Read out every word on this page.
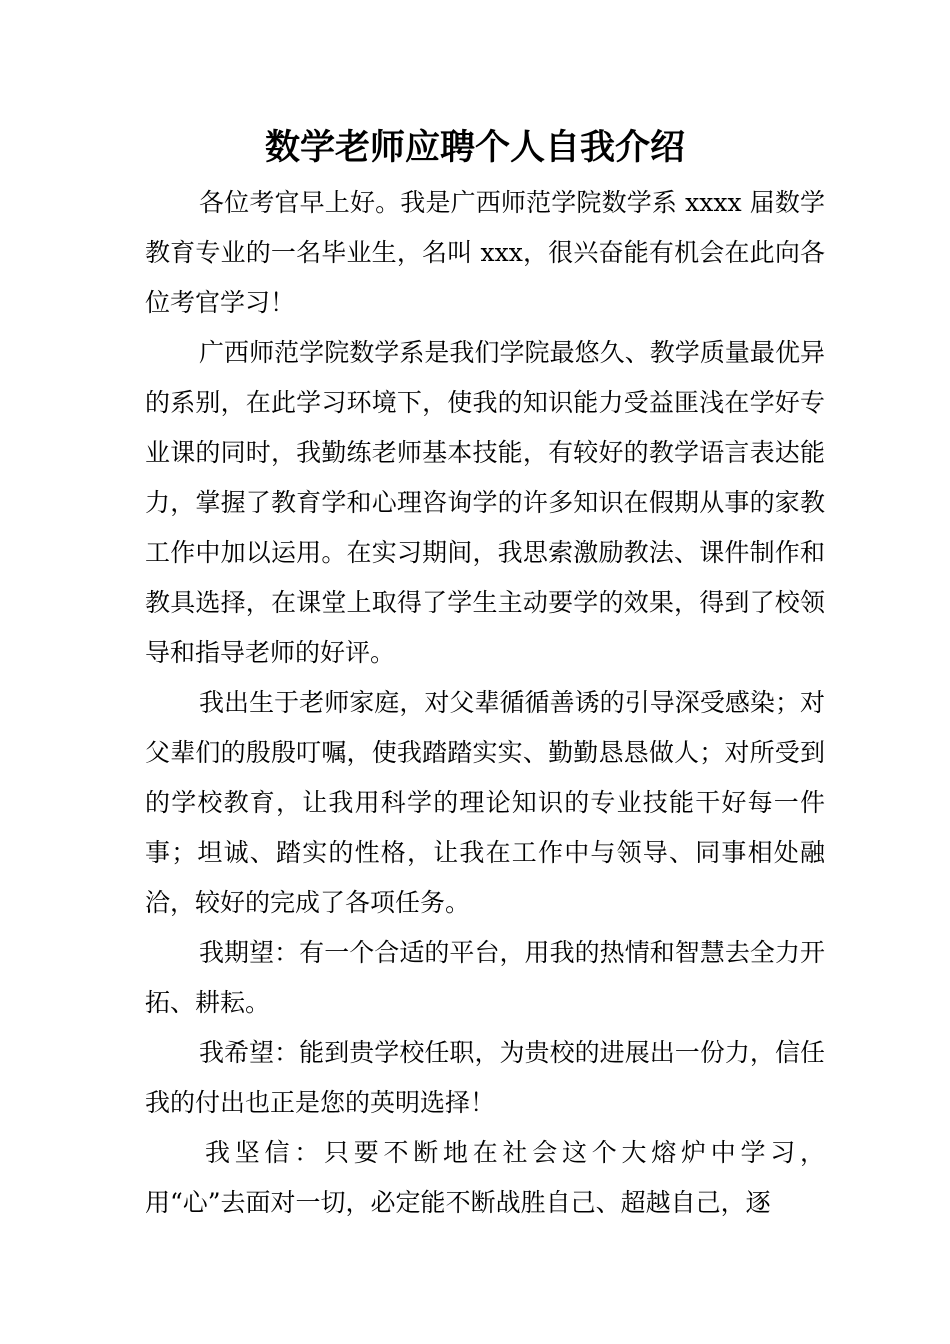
数学老师应聘个人自我介绍

各位考官早上好。我是广西师范学院数学系 xxxx 届数学教育专业的一名毕业生，名叫 xxx，很兴奋能有机会在此向各位考官学习！

广西师范学院数学系是我们学院最悠久、教学质量最优异的系别，在此学习环境下，使我的知识能力受益匪浅在学好专业课的同时，我勤练老师基本技能，有较好的教学语言表达能力，掌握了教育学和心理咨询学的许多知识在假期从事的家教工作中加以运用。在实习期间，我思索激励教法、课件制作和教具选择，在课堂上取得了学生主动要学的效果，得到了校领导和指导老师的好评。

我出生于老师家庭，对父辈循循善诱的引导深受感染；对父辈们的殷殷叮嘱，使我踏踏实实、勤勤恳恳做人；对所受到的学校教育，让我用科学的理论知识的专业技能干好每一件事；坦诚、踏实的性格，让我在工作中与领导、同事相处融洽，较好的完成了各项任务。

我期望：有一个合适的平台，用我的热情和智慧去全力开拓、耕耘。

我希望：能到贵学校任职，为贵校的进展出一份力，信任我的付出也正是您的英明选择！

我坚信：只要不断地在社会这个大熔炉中学习，用“心”去面对一切，必定能不断战胜自己、超越自己，逐
